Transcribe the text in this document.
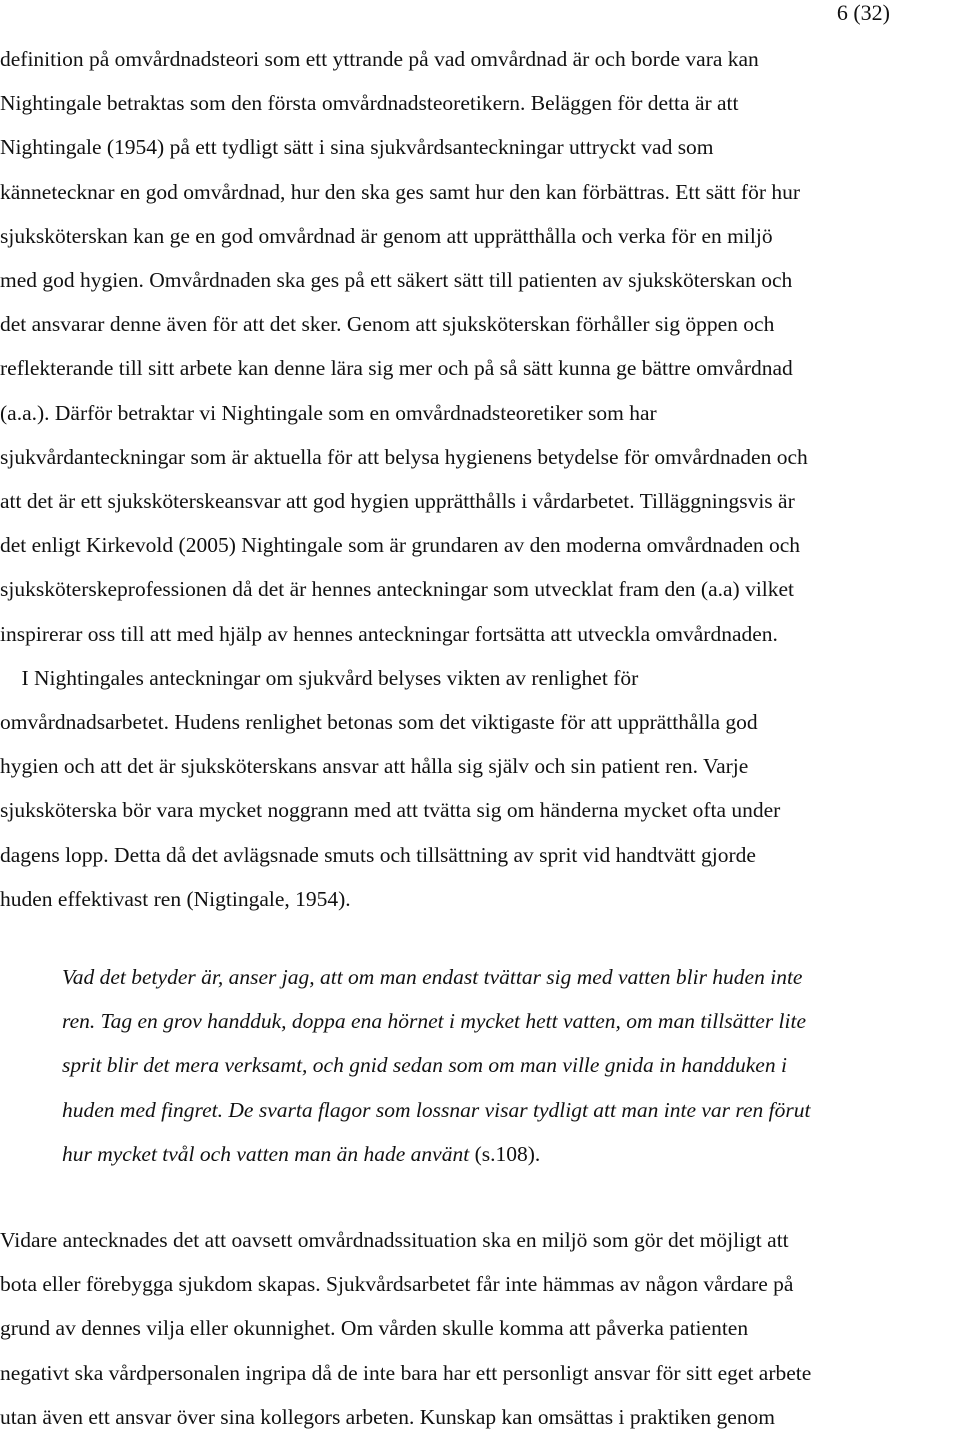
6 (32)

definition på omvårdnadsteori som ett yttrande på vad omvårdnad är och borde vara kan

Nightingale betraktas som den första omvårdnadsteoretikern. Beläggen för detta är att

Nightingale (1954) på ett tydligt sätt i sina sjukvårdsanteckningar uttryckt vad som

kännetecknar en god omvårdnad, hur den ska ges samt hur den kan förbättras. Ett sätt för hur

sjuksköterskan kan ge en god omvårdnad är genom att upprätthålla och verka för en miljö

med god hygien. Omvårdnaden ska ges på ett säkert sätt till patienten av sjuksköterskan och

det ansvarar denne även för att det sker. Genom att sjuksköterskan förhåller sig öppen och

reflekterande till sitt arbete kan denne lära sig mer och på så sätt kunna ge bättre omvårdnad

(a.a.). Därför betraktar vi Nightingale som en omvårdnadsteoretiker som har

sjukvårdanteckningar som är aktuella för att belysa hygienens betydelse för omvårdnaden och

att det är ett sjuksköterskeansvar att god hygien upprätthålls i vårdarbetet. Tilläggningsvis är

det enligt Kirkevold (2005) Nightingale som är grundaren av den moderna omvårdnaden och

sjuksköterskeprofessionen då det är hennes anteckningar som utvecklat fram den (a.a) vilket

inspirerar oss till att med hjälp av hennes anteckningar fortsätta att utveckla omvårdnaden.

I Nightingales anteckningar om sjukvård belyses vikten av renlighet för

omvårdnadsarbetet. Hudens renlighet betonas som det viktigaste för att upprätthålla god

hygien och att det är sjuksköterskans ansvar att hålla sig själv och sin patient ren. Varje

sjuksköterska bör vara mycket noggrann med att tvätta sig om händerna mycket ofta under

dagens lopp. Detta då det avlägsnade smuts och tillsättning av sprit vid handtvätt gjorde

huden effektivast ren (Nigtingale, 1954).

Vad det betyder är, anser jag, att om man endast tvättar sig med vatten blir huden inte

ren. Tag en grov handduk, doppa ena hörnet i mycket hett vatten, om man tillsätter lite

sprit blir det mera verksamt, och gnid sedan som om man ville gnida in handduken i

huden med fingret. De svarta flagor som lossnar visar tydligt att man inte var ren förut

hur mycket tvål och vatten man än hade använt (s.108).

Vidare antecknades det att oavsett omvårdnadssituation ska en miljö som gör det möjligt att

bota eller förebygga sjukdom skapas. Sjukvårdsarbetet får inte hämmas av någon vårdare på

grund av dennes vilja eller okunnighet. Om vården skulle komma att påverka patienten

negativt ska vårdpersonalen ingripa då de inte bara har ett personligt ansvar för sitt eget arbete

utan även ett ansvar över sina kollegors arbeten. Kunskap kan omsättas i praktiken genom
